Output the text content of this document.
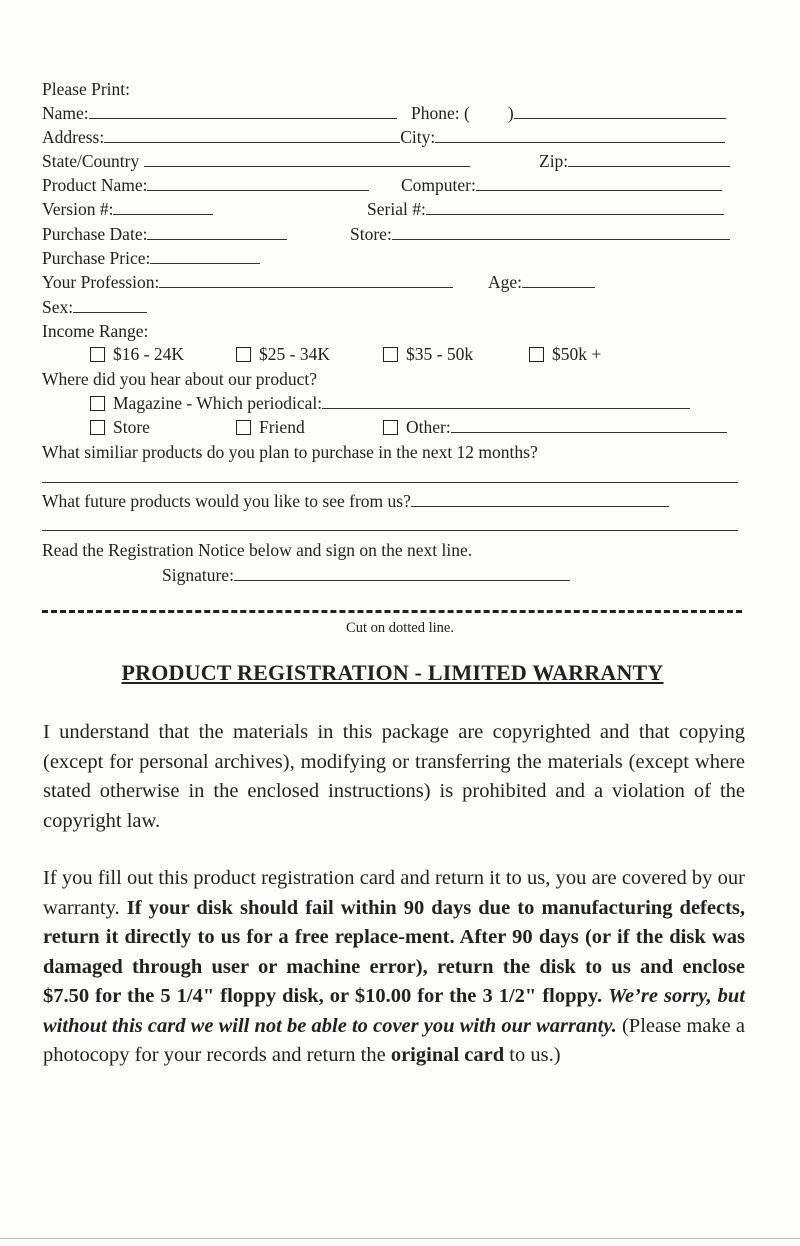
Please Print:
Name:	Phone: ( )
Address:	City:
State/Country	Zip:
Product Name:	Computer:
Version #:	Serial #:
Purchase Date:	Store:
Purchase Price:
Your Profession:	Age:
Sex:
Income Range:
$16 - 24K	$25 - 34K	$35 - 50k	$50k +
Where did you hear about our product?
Magazine - Which periodical:
Store	Friend	Other:
What similiar products do you plan to purchase in the next 12 months?
What future products would you like to see from us?
Read the Registration Notice below and sign on the next line.
Signature:
Cut on dotted line.
PRODUCT REGISTRATION - LIMITED WARRANTY
I understand that the materials in this package are copyrighted and that copying (except for personal archives), modifying or transferring the materials (except where stated otherwise in the enclosed instructions) is prohibited and a violation of the copyright law.
If you fill out this product registration card and return it to us, you are covered by our warranty. If your disk should fail within 90 days due to manufacturing defects, return it directly to us for a free replace-ment. After 90 days (or if the disk was damaged through user or machine error), return the disk to us and enclose $7.50 for the 5 1/4" floppy disk, or $10.00 for the 3 1/2" floppy. We’re sorry, but without this card we will not be able to cover you with our warranty. (Please make a photocopy for your records and return the original card to us.)
